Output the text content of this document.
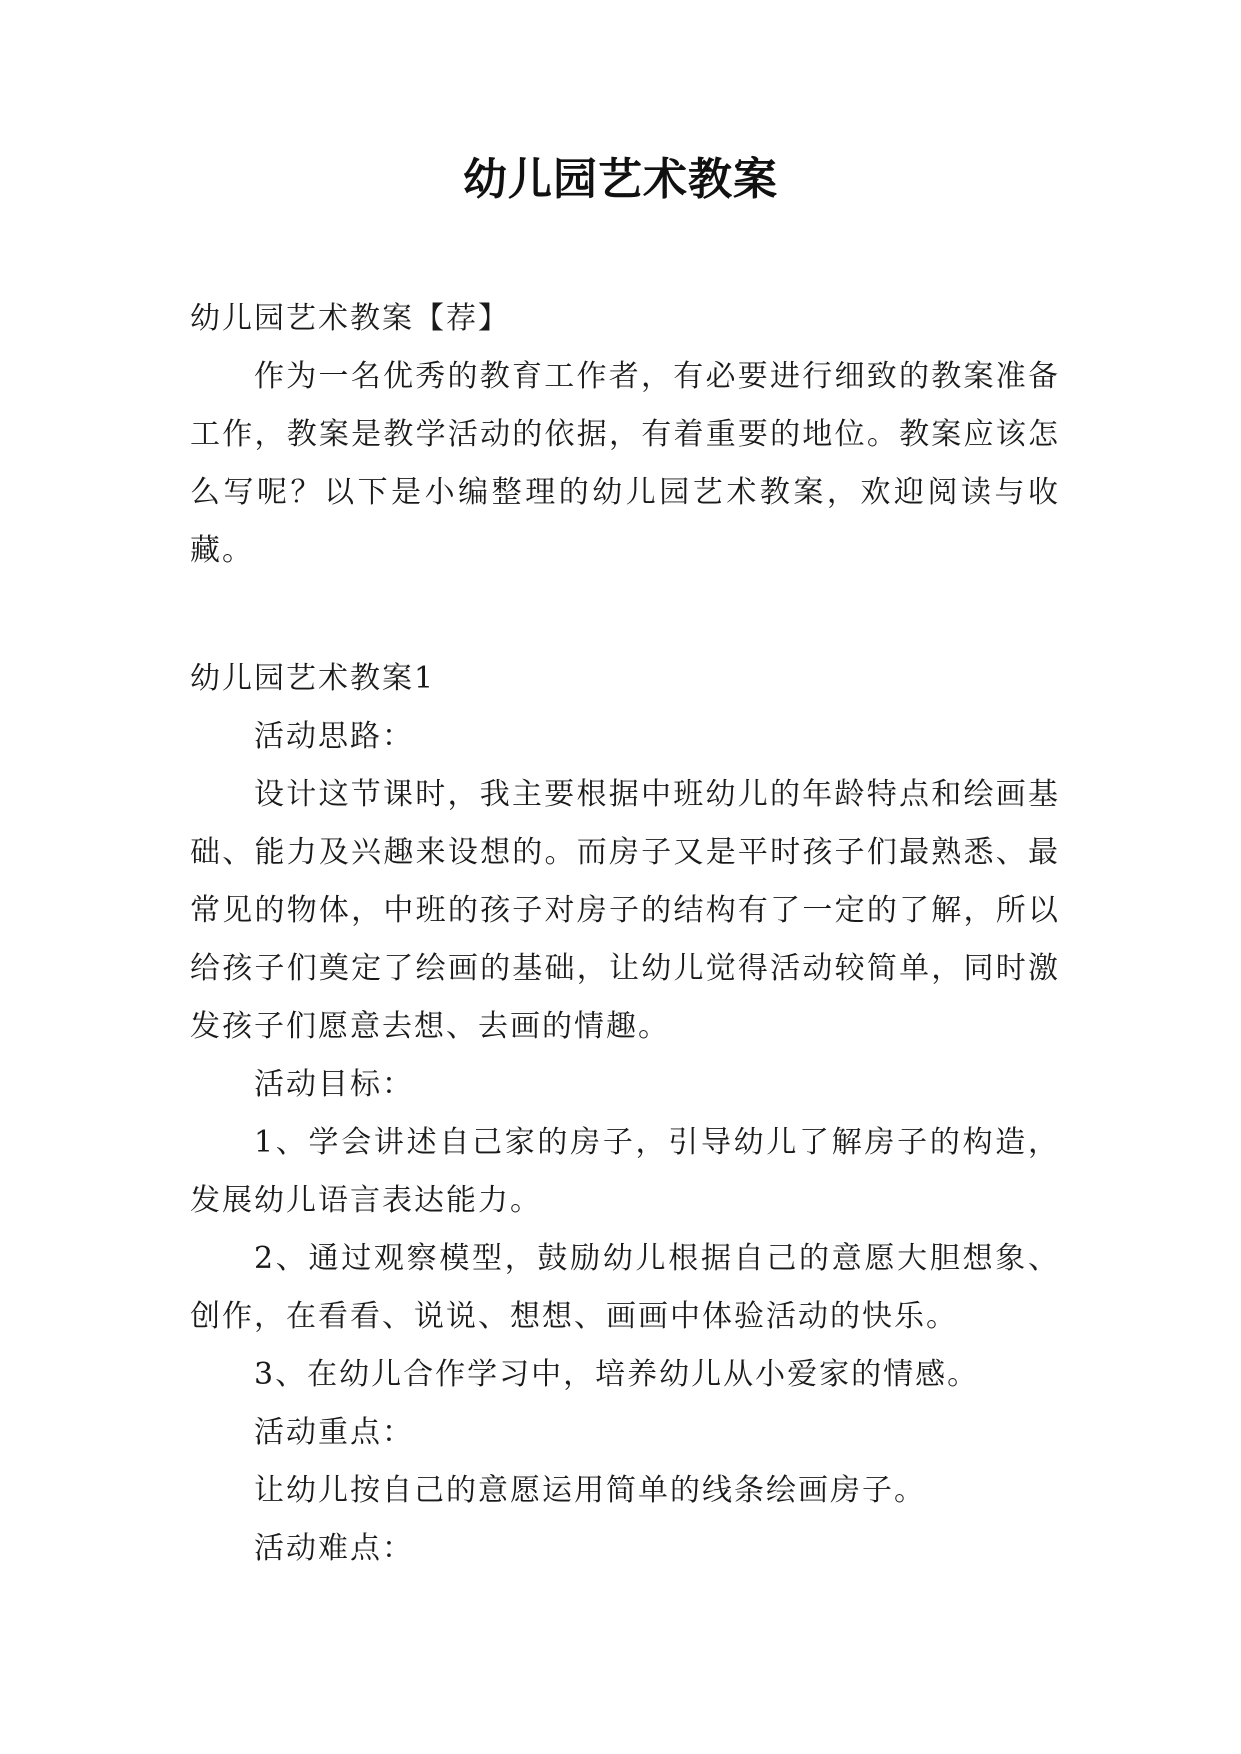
幼儿园艺术教案

幼儿园艺术教案【荐】

作为一名优秀的教育工作者，有必要进行细致的教案准备工作，教案是教学活动的依据，有着重要的地位。教案应该怎么写呢？以下是小编整理的幼儿园艺术教案，欢迎阅读与收藏。

幼儿园艺术教案1

活动思路：

设计这节课时，我主要根据中班幼儿的年龄特点和绘画基础、能力及兴趣来设想的。而房子又是平时孩子们最熟悉、最常见的物体，中班的孩子对房子的结构有了一定的了解，所以给孩子们奠定了绘画的基础，让幼儿觉得活动较简单，同时激发孩子们愿意去想、去画的情趣。

活动目标：

1、学会讲述自己家的房子，引导幼儿了解房子的构造，发展幼儿语言表达能力。

2、通过观察模型，鼓励幼儿根据自己的意愿大胆想象、创作，在看看、说说、想想、画画中体验活动的快乐。

3、在幼儿合作学习中，培养幼儿从小爱家的情感。

活动重点：

让幼儿按自己的意愿运用简单的线条绘画房子。

活动难点：
